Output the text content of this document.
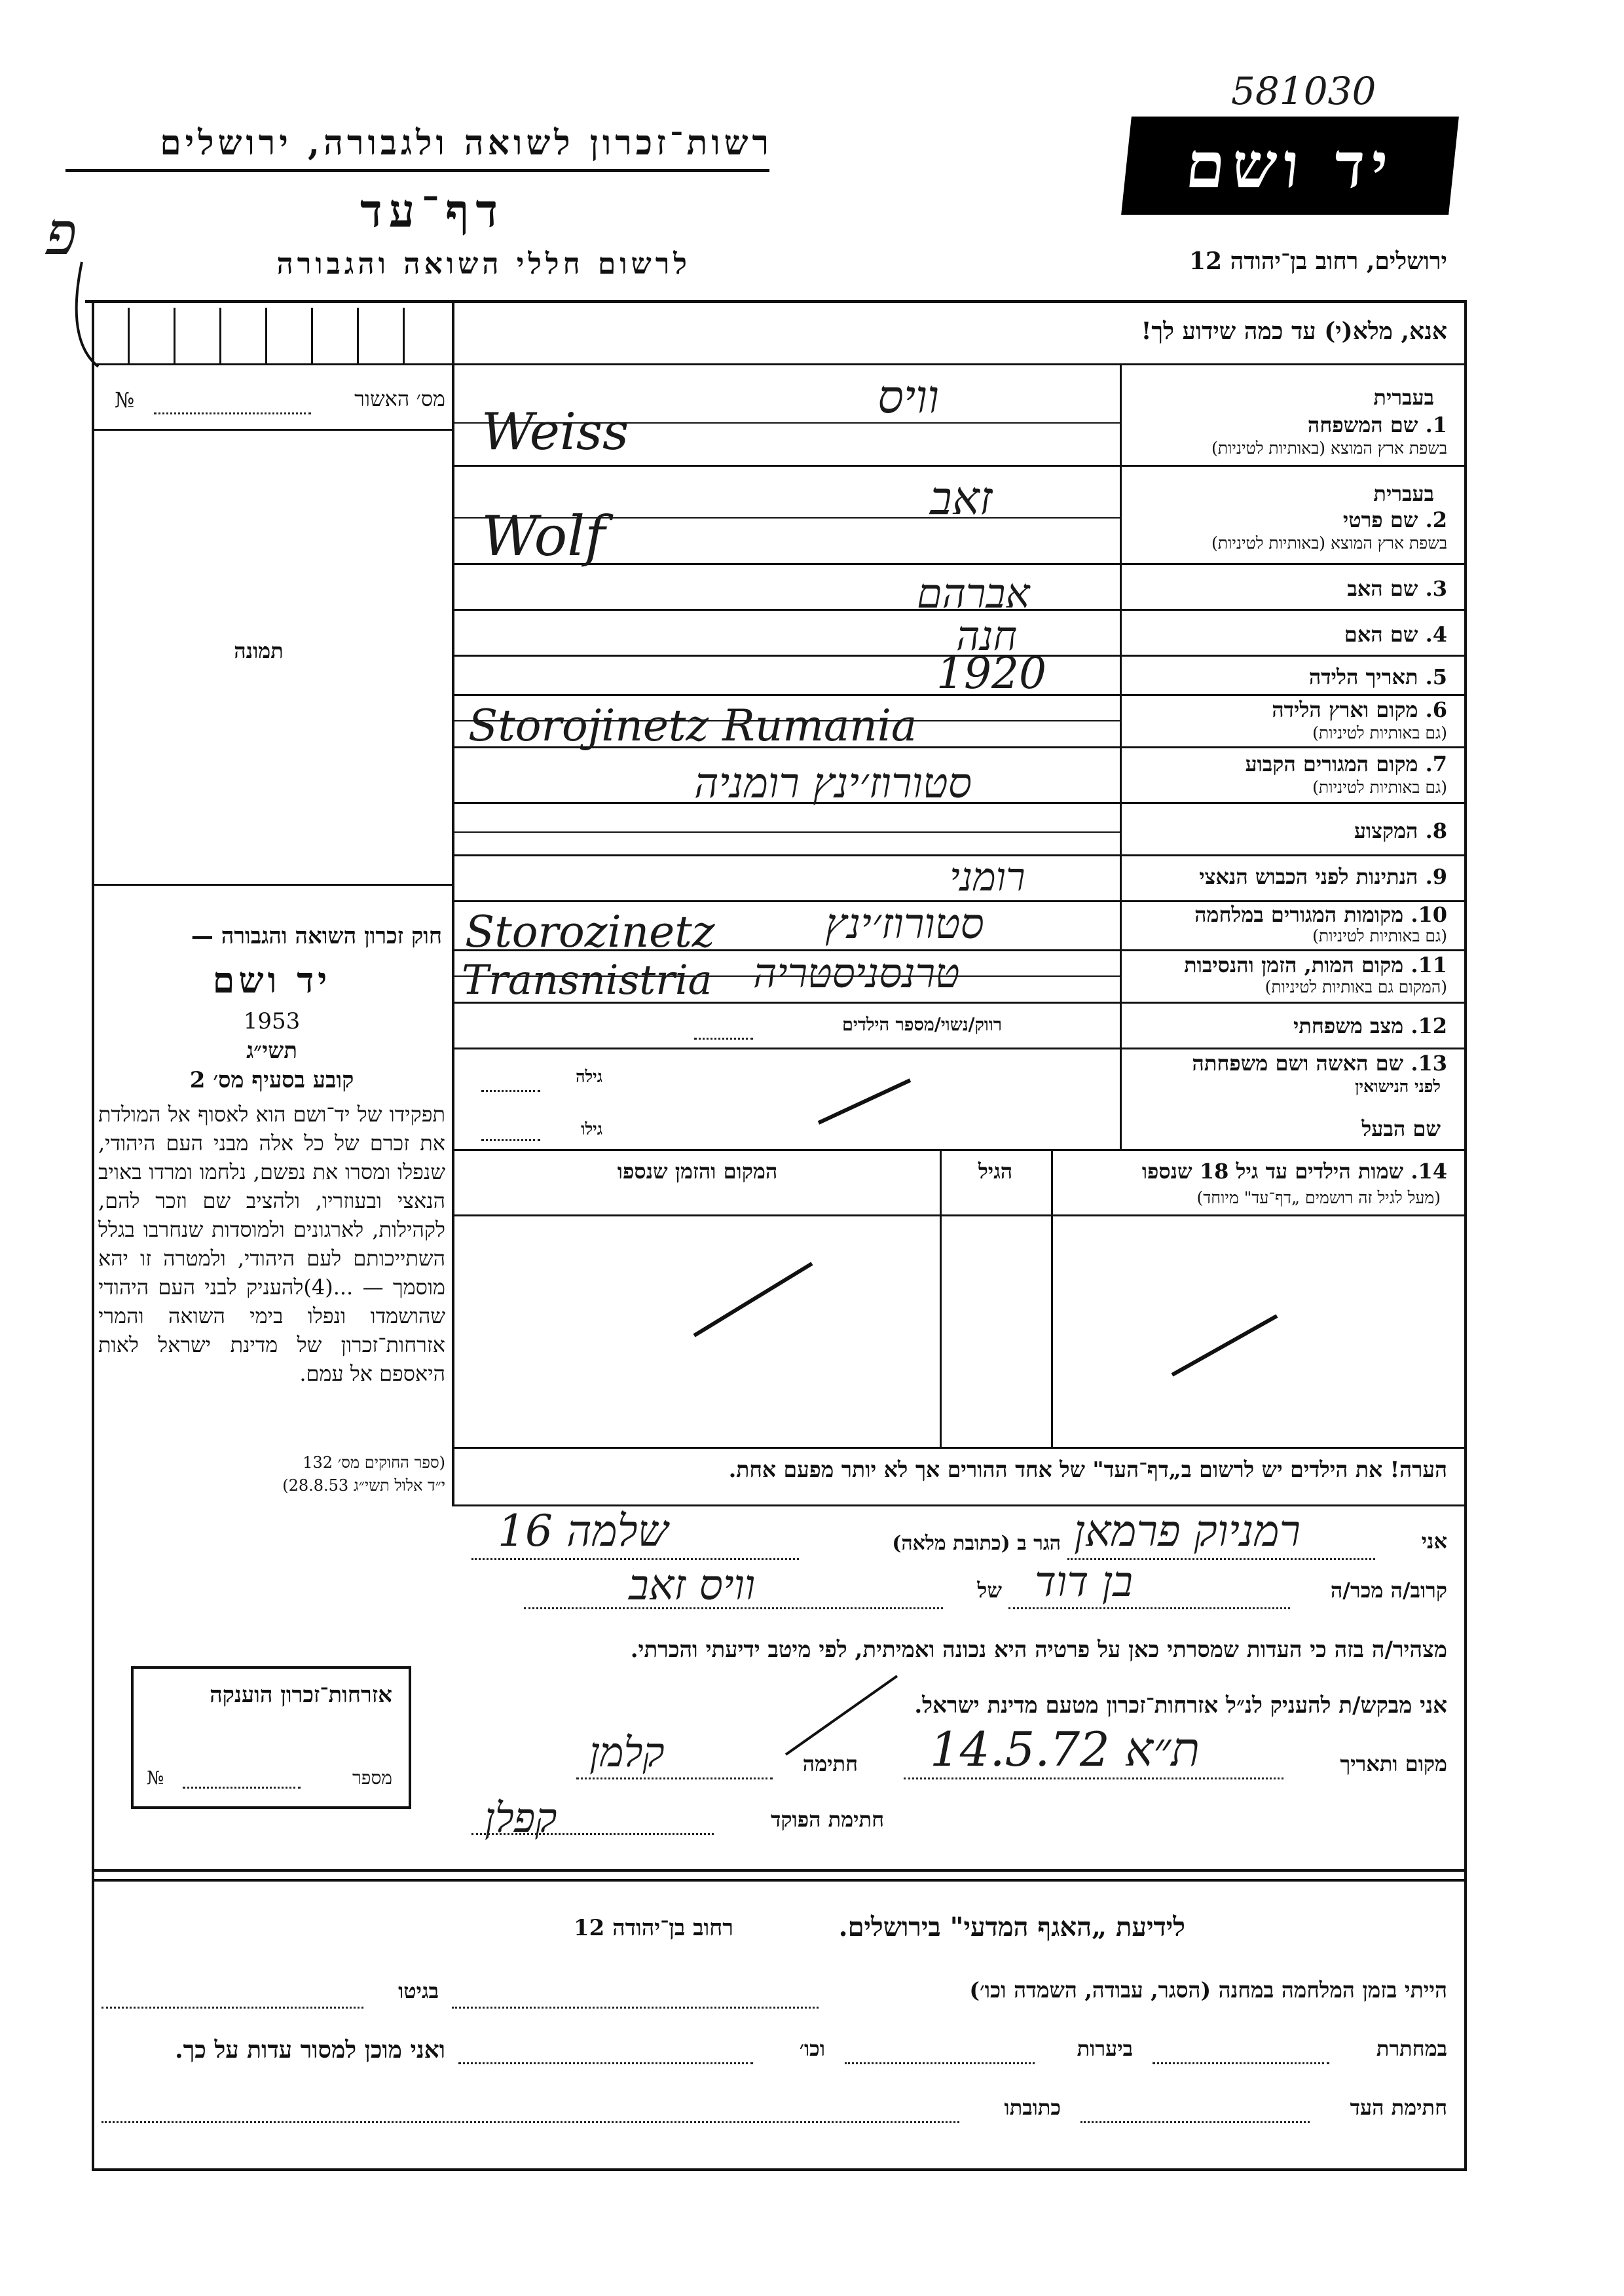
581030
רשות־זכרון לשואה ולגבורה, ירושלים
דף־עד
לרשום חללי השואה והגבורה
פ
יד ושם
ירושלים, רחוב בן־יהודה 12
אנא, מלא(י) עד כמה שידוע לך!
מס׳ האשור
№
תמונה
חוק זכרון השואה והגבורה —
יד ושם
1953
תשי״ג
קובע בסעיף מס׳ 2
תפקידו של יד־ושם הוא לאסוף אל המולדת את זכרם של כל אלה מבני העם היהודי, שנפלו ומסרו את נפשם, נלחמו ומרדו באויב הנאצי ובעוזריו, ולהציב שם וזכר להם, לקהילות, לארגונים ולמוסדות שנחרבו בגלל השתייכותם לעם היהודי, ולמטרה זו יהא מוסמך — ...(4)להעניק לבני העם היהודי שהושמדו ונפלו בימי השואה והמרי אזרחות־זכרון של מדינת ישראל לאות היאספם אל עמם.
(ספר החוקים מס׳ 132
י״ד אלול תשי״ג 28.8.53)
אזרחות־זכרון הוענקה
מספר
№
בעברית
1. שם המשפחה
בשפת ארץ המוצא (באותיות לטיניות)
וויס
Weiss
בעברית
2. שם פרטי
בשפת ארץ המוצא (באותיות לטיניות)
זאב
Wolf
3. שם האב
אברהם
4. שם האם
חנה
5. תאריך הלידה
1920
6. מקום וארץ הלידה
(גם באותיות לטיניות)
Storojinetz Rumania
7. מקום המגורים הקבוע
(גם באותיות לטיניות)
סטורוז׳ינץ רומניה
8. המקצוע
9. הנתינות לפני הכבוש הנאצי
רומני
10. מקומות המגורים במלחמה
(גם באותיות לטיניות)
סטורוז׳ינץ
Storozinetz
11. מקום המות, הזמן והנסיבות
(המקום גם באותיות לטיניות)
טרנסניסטריה
Transnistria
12. מצב משפחתי
רווק/נשוי/מספר הילדים
13. שם האשה ושם משפחתה
לפני הנישואין
גילה
שם הבעל
גילו
14. שמות הילדים עד גיל 18 שנספו
(מעל לגיל זה רושמים „דף־עד" מיוחד)
הגיל
המקום והזמן שנספו
הערה! את הילדים יש לרשום ב„דף־העד" של אחד ההורים אך לא יותר מפעם אחת.
אני
רמניוק פרמאן
הגר ב (כתובת מלאה)
שלמה 16
קרוב/ה מכר/ה
בן דוד
של
וויס זאב
מצהיר/ה בזה כי העדות שמסרתי כאן על פרטיה היא נכונה ואמיתית, לפי מיטב ידיעתי והכרתי.
אני מבקש/ת להעניק לנ״ל אזרחות־זכרון מטעם מדינת ישראל.
מקום ותאריך
ת״א 14.5.72
חתימה
קלמן
חתימת הפוקד
קפלן
לידיעת „האגף המדעי" בירושלים.
רחוב בן־יהודה 12
הייתי בזמן המלחמה במחנה (הסגר, עבודה, השמדה וכו׳)
בגיטו
במחתרת
ביערות
וכו׳
ואני מוכן למסור עדות על כך.
חתימת העד
כתובתו
